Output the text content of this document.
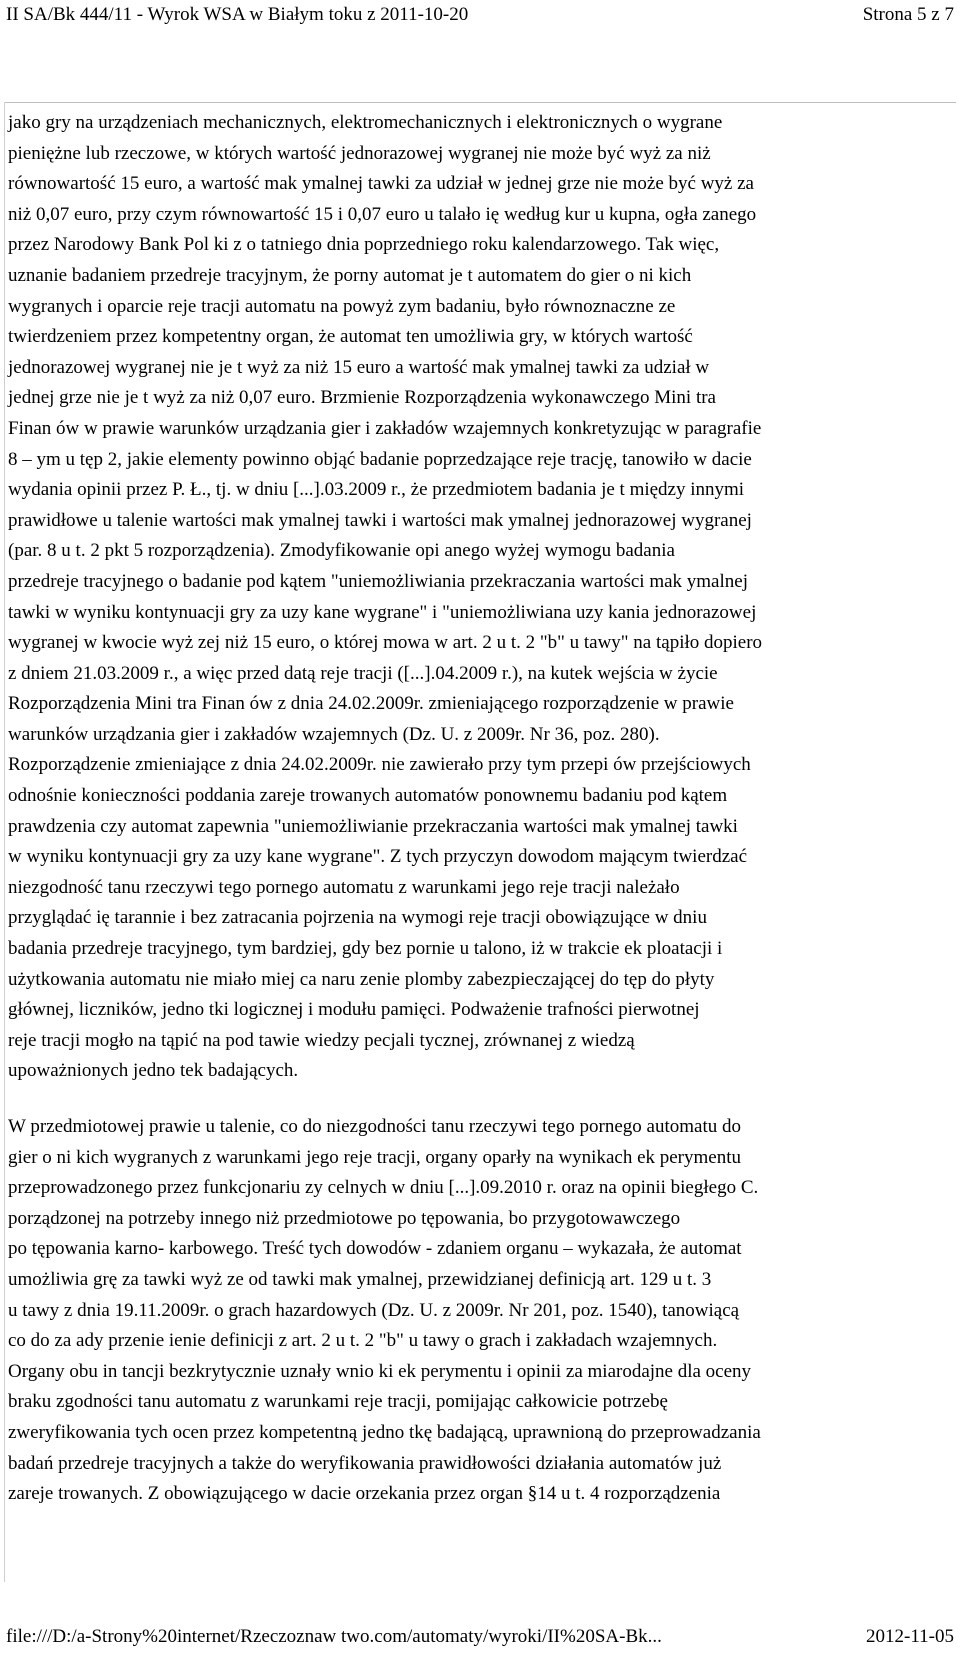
II SA/Bk 444/11 - Wyrok WSA w Białym toku z 2011-10-20	Strona 5 z 7
jako gry na urządzeniach mechanicznych, elektromechanicznych i elektronicznych o wygrane
pieniężne lub rzeczowe, w których wartość jednorazowej wygranej nie może być wyż za niż
równowartość 15 euro, a wartość mak ymalnej tawki za udział w jednej grze nie może być wyż za
niż 0,07 euro, przy czym równowartość 15 i 0,07 euro u talało ię według kur u kupna, ogła zanego
przez Narodowy Bank Pol ki z o tatniego dnia poprzedniego roku kalendarzowego. Tak więc,
uznanie badaniem przedreje tracyjnym, że porny automat je t automatem do gier o ni kich
wygranych i oparcie reje tracji automatu na powyż zym badaniu, było równoznaczne ze
twierdzeniem przez kompetentny organ, że automat ten umożliwia gry, w których wartość
jednorazowej wygranej nie je t wyż za niż 15 euro a wartość mak ymalnej tawki za udział w
jednej grze nie je t wyż za niż 0,07 euro. Brzmienie Rozporządzenia wykonawczego Mini tra
Finan ów w prawie warunków urządzania gier i zakładów wzajemnych konkretyzując w paragrafie
8 – ym u tęp 2, jakie elementy powinno objąć badanie poprzedzające reje trację, tanowiło w dacie
wydania opinii przez P. Ł., tj. w dniu [...].03.2009 r., że przedmiotem badania je t między innymi
prawidłowe u talenie wartości mak ymalnej tawki i wartości mak ymalnej jednorazowej wygranej
(par. 8 u t. 2 pkt 5 rozporządzenia). Zmodyfikowanie opi anego wyżej wymogu badania
przedreje tracyjnego o badanie pod kątem "uniemożliwiania przekraczania wartości mak ymalnej
tawki w wyniku kontynuacji gry za uzy kane wygrane" i "uniemożliwiana uzy kania jednorazowej
wygranej w kwocie wyż zej niż 15 euro, o której mowa w art. 2 u t. 2 "b" u tawy" na tąpiło dopiero
z dniem 21.03.2009 r., a więc przed datą reje tracji ([...].04.2009 r.), na kutek wejścia w życie
Rozporządzenia Mini tra Finan ów z dnia 24.02.2009r. zmieniającego rozporządzenie w prawie
warunków urządzania gier i zakładów wzajemnych (Dz. U. z 2009r. Nr 36, poz. 280).
Rozporządzenie zmieniające z dnia 24.02.2009r. nie zawierało przy tym przepi ów przejściowych
odnośnie konieczności poddania zareje trowanych automatów ponownemu badaniu pod kątem
prawdzenia czy automat zapewnia "uniemożliwianie przekraczania wartości mak ymalnej tawki
w wyniku kontynuacji gry za uzy kane wygrane". Z tych przyczyn dowodom mającym twierdzać
niezgodność tanu rzeczywi tego pornego automatu z warunkami jego reje tracji należało
przyglądać ię tarannie i bez zatracania pojrzenia na wymogi reje tracji obowiązujące w dniu
badania przedreje tracyjnego, tym bardziej, gdy bez pornie u talono, iż w trakcie ek ploatacji i
użytkowania automatu nie miało miej ca naru zenie plomby zabezpieczającej do tęp do płyty
głównej, liczników, jedno tki logicznej i modułu pamięci. Podważenie trafności pierwotnej
reje tracji mogło na tąpić na pod tawie wiedzy pecjali tycznej, zrównanej z wiedzą
upoważnionych jedno tek badających.
W przedmiotowej prawie u talenie, co do niezgodności tanu rzeczywi tego pornego automatu do
gier o ni kich wygranych z warunkami jego reje tracji, organy oparły na wynikach ek perymentu
przeprowadzonego przez funkcjonariu zy celnych w dniu [...].09.2010 r. oraz na opinii biegłego C.
porządzonej na potrzeby innego niż przedmiotowe po tępowania, bo przygotowawczego
po tępowania karno- karbowego. Treść tych dowodów - zdaniem organu – wykazała, że automat
umożliwia grę za tawki wyż ze od tawki mak ymalnej, przewidzianej definicją art. 129 u t. 3
u tawy z dnia 19.11.2009r. o grach hazardowych (Dz. U. z 2009r. Nr 201, poz. 1540), tanowiącą
co do za ady przenie ienie definicji z art. 2 u t. 2 "b" u tawy o grach i zakładach wzajemnych.
Organy obu in tancji bezkrytycznie uznały wnio ki ek perymentu i opinii za miarodajne dla oceny
braku zgodności tanu automatu z warunkami reje tracji, pomijając całkowicie potrzebę
zweryfikowania tych ocen przez kompetentną jedno tkę badającą, uprawnioną do przeprowadzania
badań przedreje tracyjnych a także do weryfikowania prawidłowości działania automatów już
zareje trowanych. Z obowiązującego w dacie orzekania przez organ §14 u t. 4 rozporządzenia
file:///D:/a-Strony%20internet/Rzeczoznaw two.com/automaty/wyroki/II%20SA-Bk...	2012-11-05
